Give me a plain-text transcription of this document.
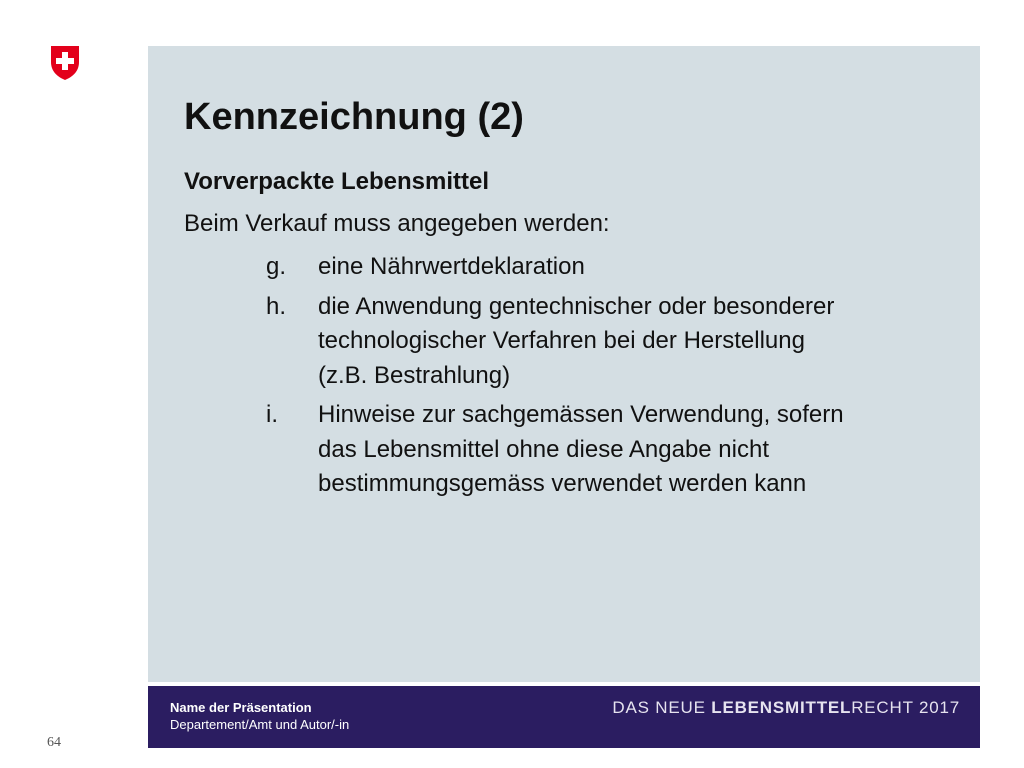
Kennzeichnung (2)
Vorverpackte Lebensmittel
Beim Verkauf muss angegeben werden:
g.	eine Nährwertdeklaration
h.	die Anwendung gentechnischer oder besonderer
technologischer Verfahren bei der Herstellung
(z.B. Bestrahlung)
i.	Hinweise zur sachgemässen Verwendung, sofern
das Lebensmittel ohne diese Angabe nicht
bestimmungsgemäss verwendet werden kann
Name der Präsentation
Departement/Amt und Autor/-in
DAS NEUE LEBENSMITTELRECHT 2017
64
